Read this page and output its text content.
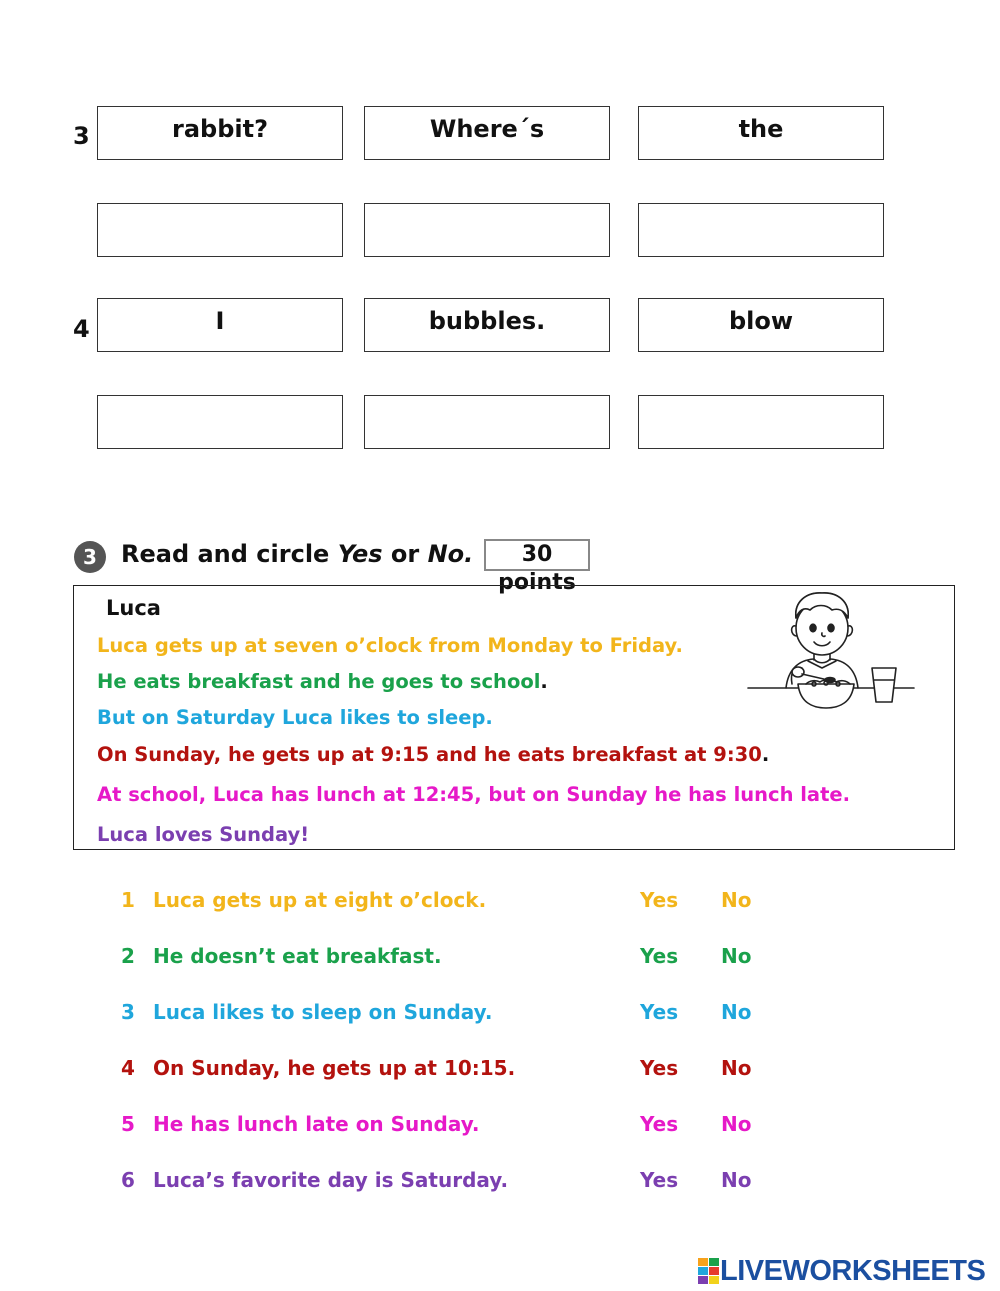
3	rabbit?	Where´s	the
4	I	bubbles.	blow
3	Read and circle Yes or No.	30 points
Luca
Luca gets up at seven o’clock from Monday to Friday.
He eats breakfast and he goes to school.
But on Saturday Luca likes to sleep.
On Sunday, he gets up at 9:15 and he eats breakfast at 9:30.
At school, Luca has lunch at 12:45, but on Sunday he has lunch late.
Luca loves Sunday!
1 Luca gets up at eight o’clock.	Yes No
2 He doesn’t eat breakfast.	Yes No
3 Luca likes to sleep on Sunday.	Yes No
4 On Sunday, he gets up at 10:15.	Yes No
5 He has lunch late on Sunday.	Yes No
6 Luca’s favorite day is Saturday.	Yes No
LIVEWORKSHEETS
